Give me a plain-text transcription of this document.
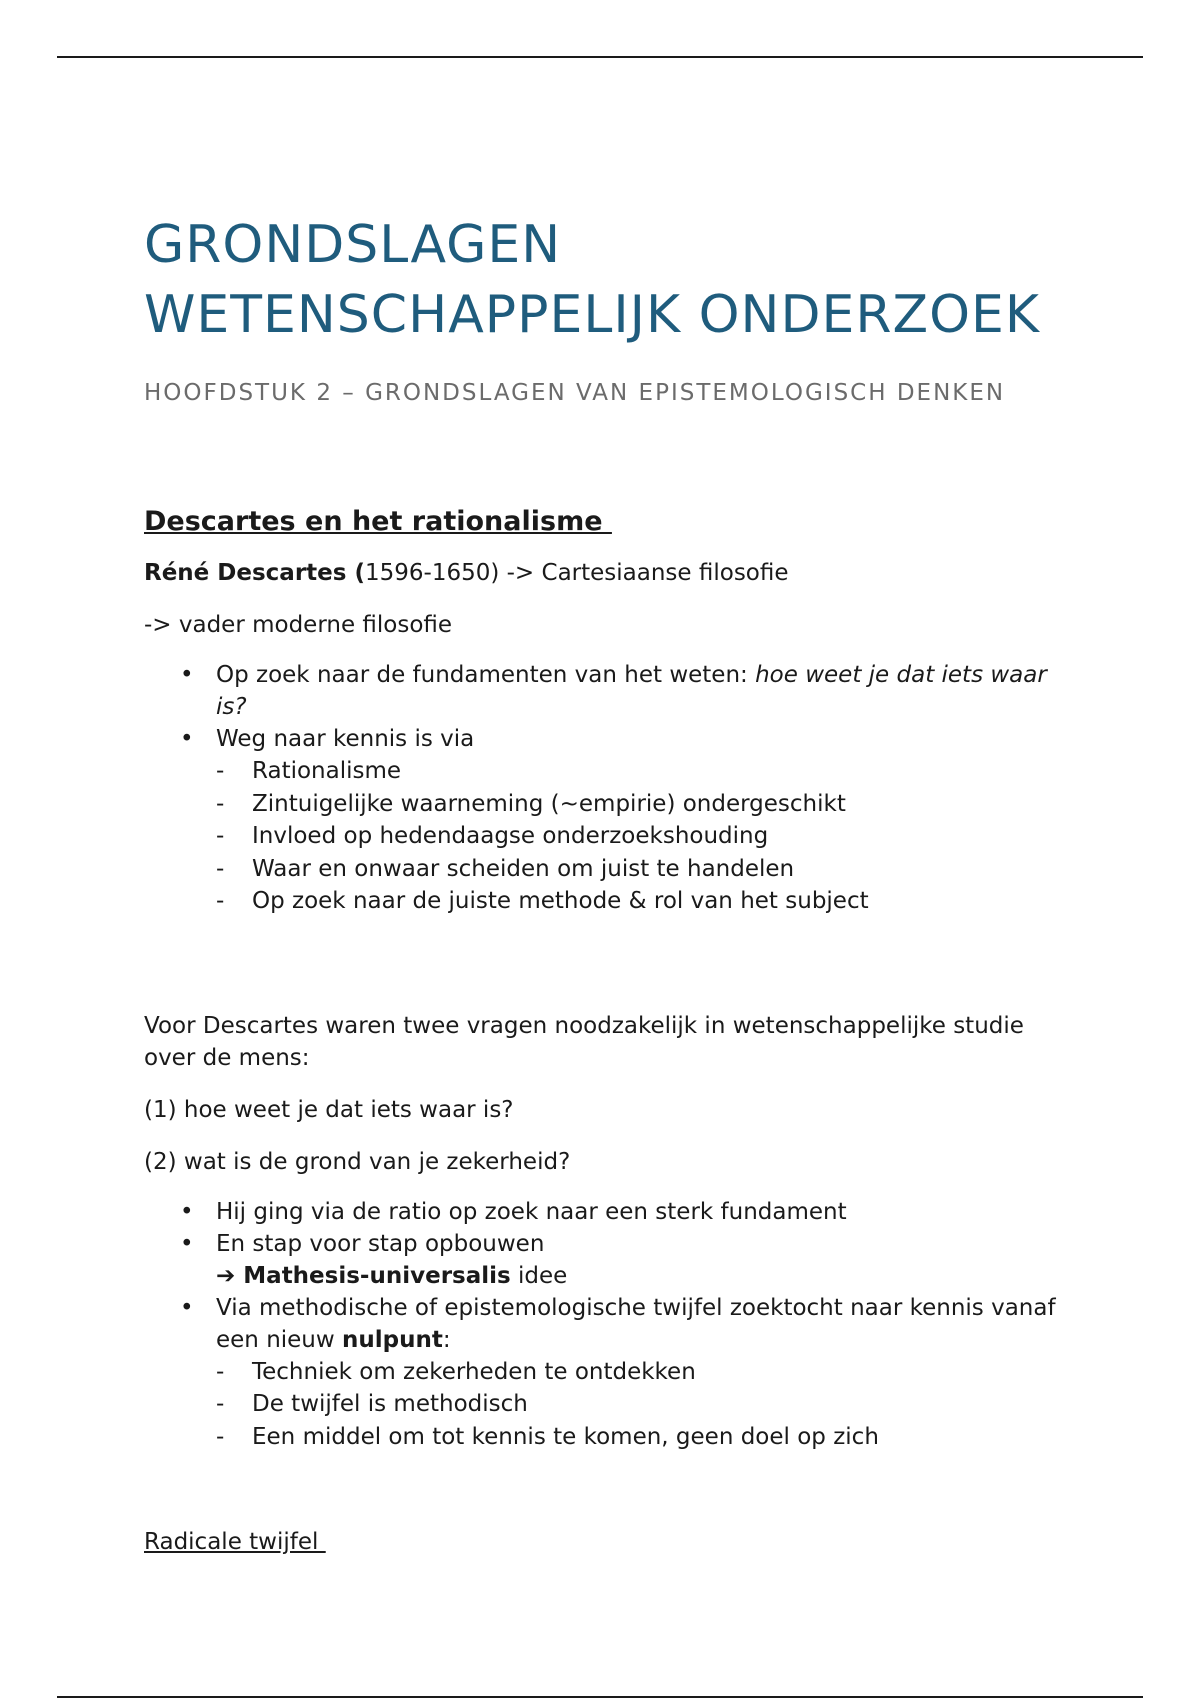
GRONDSLAGEN
WETENSCHAPPELIJK ONDERZOEK
HOOFDSTUK 2 – GRONDSLAGEN VAN EPISTEMOLOGISCH DENKEN
Descartes en het rationalisme

Réné Descartes (1596-1650) -> Cartesiaanse filosofie

-> vader moderne filosofie

• Op zoek naar de fundamenten van het weten: hoe weet je dat iets waar is?
• Weg naar kennis is via
- Rationalisme
- Zintuigelijke waarneming (~empirie) ondergeschikt
- Invloed op hedendaagse onderzoekshouding
- Waar en onwaar scheiden om juist te handelen
- Op zoek naar de juiste methode & rol van het subject

Voor Descartes waren twee vragen noodzakelijk in wetenschappelijke studie over de mens:

(1) hoe weet je dat iets waar is?

(2) wat is de grond van je zekerheid?

• Hij ging via de ratio op zoek naar een sterk fundament
• En stap voor stap opbouwen
➔ Mathesis-universalis idee
• Via methodische of epistemologische twijfel zoektocht naar kennis vanaf een nieuw nulpunt:
- Techniek om zekerheden te ontdekken
- De twijfel is methodisch
- Een middel om tot kennis te komen, geen doel op zich
Radicale twijfel
